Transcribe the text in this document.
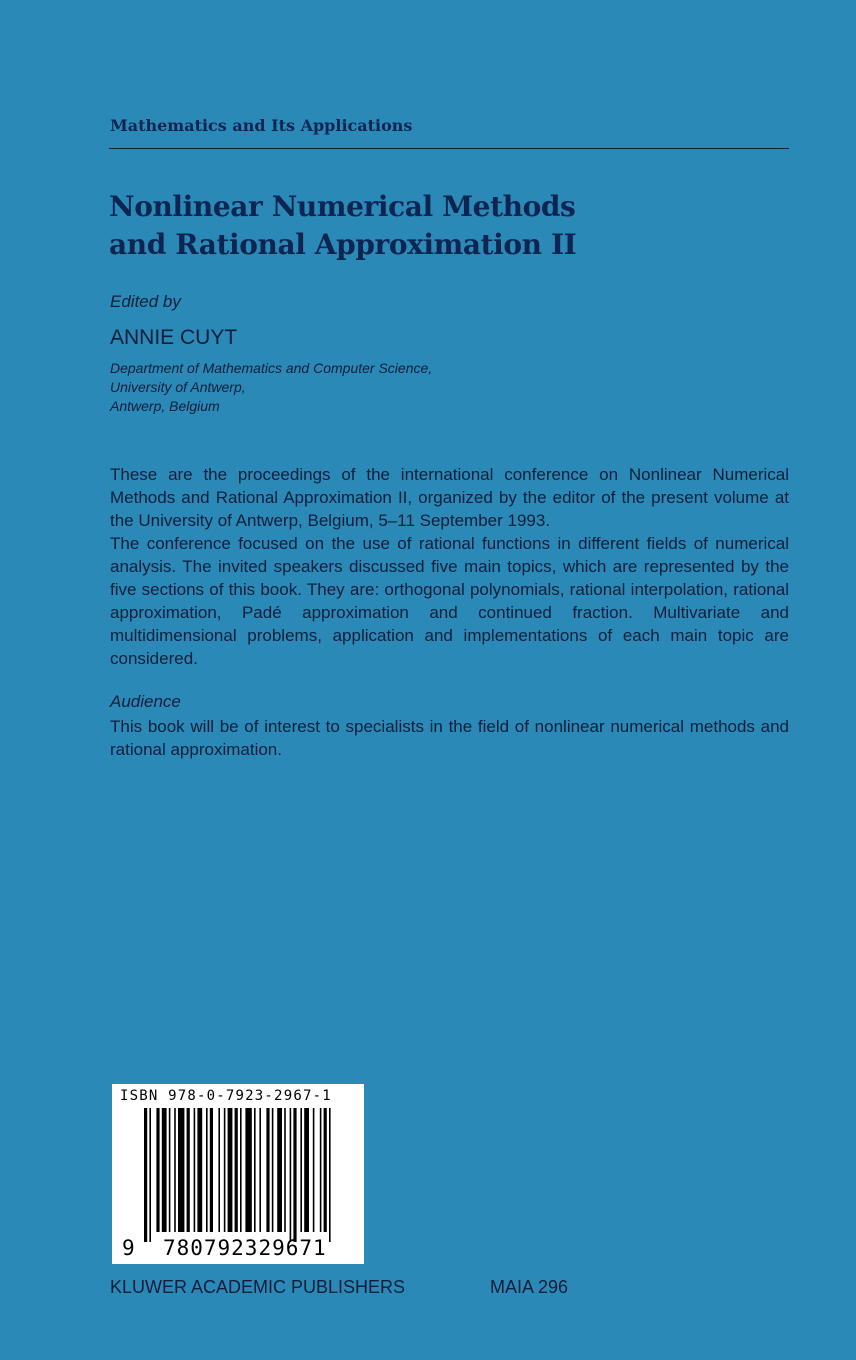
Mathematics and Its Applications
Nonlinear Numerical Methods
and Rational Approximation II
Edited by
ANNIE CUYT
Department of Mathematics and Computer Science,
University of Antwerp,
Antwerp, Belgium

These are the proceedings of the international conference on Nonlinear Numerical Methods and Rational Approximation II, organized by the editor of the present volume at the University of Antwerp, Belgium, 5–11 September 1993.

The conference focused on the use of rational functions in different fields of numerical analysis. The invited speakers discussed five main topics, which are represented by the five sections of this book. They are: orthogonal polynomials, rational interpolation, rational approximation, Padé approximation and continued fraction. Multivariate and multidimensional problems, application and implementations of each main topic are considered.

Audience

This book will be of interest to specialists in the field of nonlinear numerical methods and rational approximation.

ISBN 978-0-7923-2967-1
9 780792329671
KLUWER ACADEMIC PUBLISHERS	MAIA 296
